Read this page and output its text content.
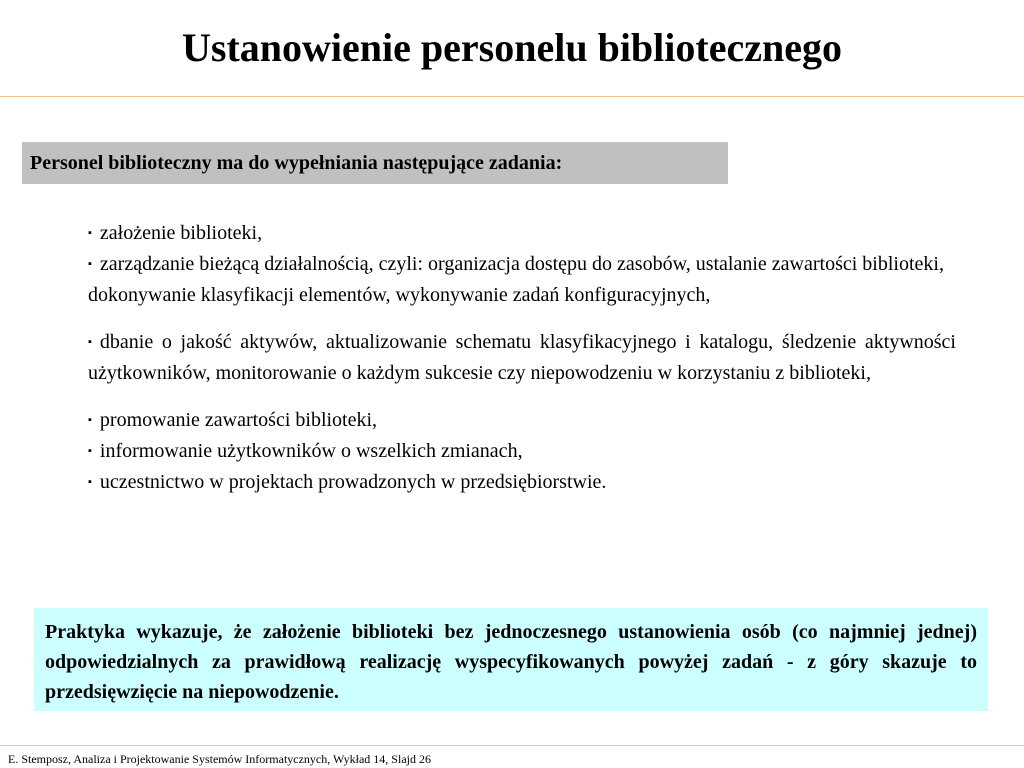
Ustanowienie personelu bibliotecznego
Personel biblioteczny ma do wypełniania następujące zadania:
▪ założenie biblioteki,
▪ zarządzanie bieżącą działalnością, czyli: organizacja dostępu do zasobów, ustalanie zawartości biblioteki, dokonywanie klasyfikacji elementów, wykonywanie zadań konfiguracyjnych,
▪ dbanie o jakość aktywów, aktualizowanie schematu klasyfikacyjnego i katalogu, śledzenie aktywności użytkowników, monitorowanie o każdym sukcesie czy niepowodzeniu w korzystaniu z biblioteki,
▪ promowanie zawartości biblioteki,
▪ informowanie użytkowników o wszelkich zmianach,
▪ uczestnictwo w projektach prowadzonych w przedsiębiorstwie.
Praktyka wykazuje, że założenie biblioteki bez jednoczesnego ustanowienia osób (co najmniej jednej) odpowiedzialnych za prawidłową realizację wyspecyfikowanych powyżej zadań - z góry skazuje to przedsięwzięcie na niepowodzenie.
E. Stemposz, Analiza i Projektowanie Systemów Informatycznych, Wykład 14, Slajd 26
